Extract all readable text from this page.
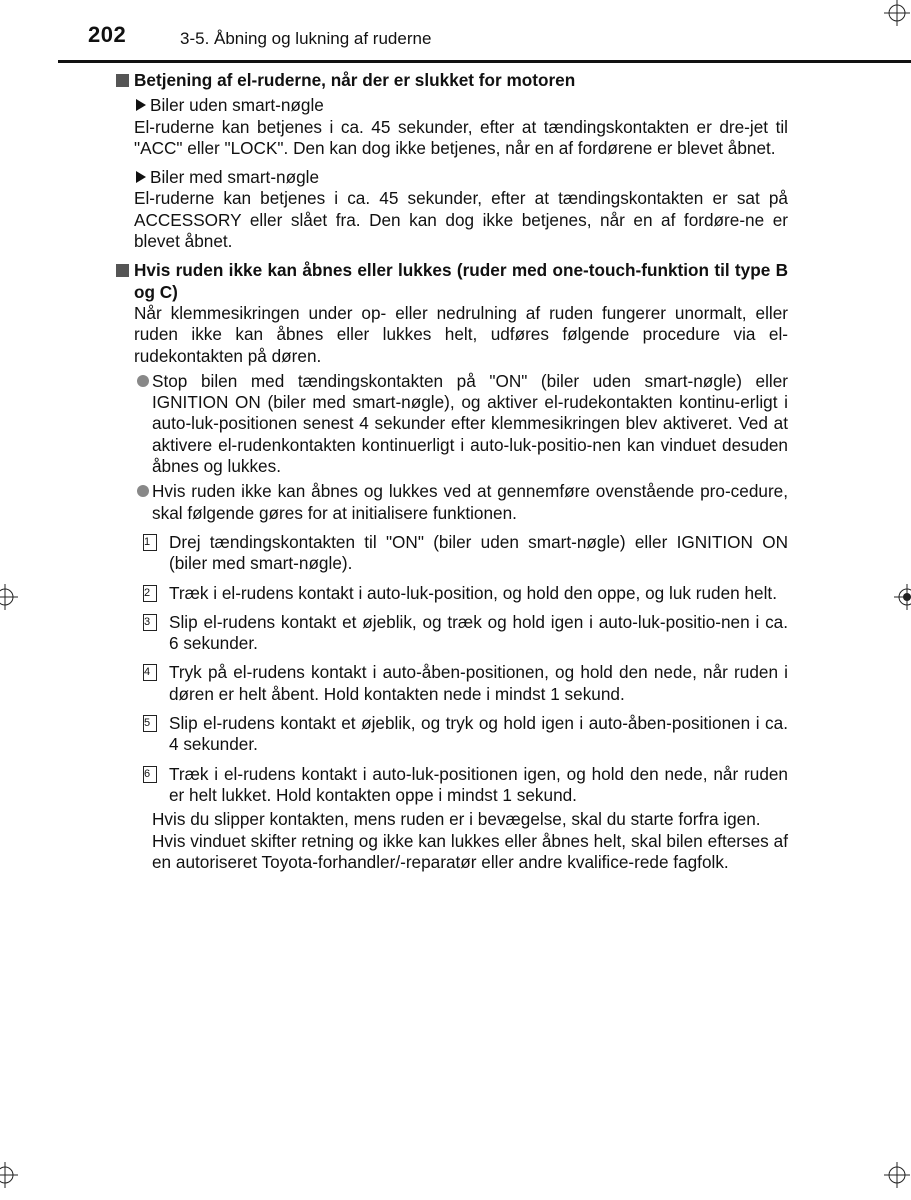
202	3-5. Åbning og lukning af ruderne
Betjening af el-ruderne, når der er slukket for motoren
Biler uden smart-nøgle
El-ruderne kan betjenes i ca. 45 sekunder, efter at tændingskontakten er dre-jet til "ACC" eller "LOCK". Den kan dog ikke betjenes, når en af fordørene er blevet åbnet.
Biler med smart-nøgle
El-ruderne kan betjenes i ca. 45 sekunder, efter at tændingskontakten er sat på ACCESSORY eller slået fra. Den kan dog ikke betjenes, når en af fordøre-ne er blevet åbnet.
Hvis ruden ikke kan åbnes eller lukkes (ruder med one-touch-funktion til type B og C)
Når klemmesikringen under op- eller nedrulning af ruden fungerer unormalt, eller ruden ikke kan åbnes eller lukkes helt, udføres følgende procedure via el-rudekontakten på døren.
Stop bilen med tændingskontakten på "ON" (biler uden smart-nøgle) eller IGNITION ON (biler med smart-nøgle), og aktiver el-rudekontakten kontinu-erligt i auto-luk-positionen senest 4 sekunder efter klemmesikringen blev aktiveret. Ved at aktivere el-rudenkontakten kontinuerligt i auto-luk-positio-nen kan vinduet desuden åbnes og lukkes.
Hvis ruden ikke kan åbnes og lukkes ved at gennemføre ovenstående pro-cedure, skal følgende gøres for at initialisere funktionen.
1	Drej tændingskontakten til "ON" (biler uden smart-nøgle) eller IGNITION ON (biler med smart-nøgle).
2	Træk i el-rudens kontakt i auto-luk-position, og hold den oppe, og luk ruden helt.
3	Slip el-rudens kontakt et øjeblik, og træk og hold igen i auto-luk-positio-nen i ca. 6 sekunder.
4	Tryk på el-rudens kontakt i auto-åben-positionen, og hold den nede, når ruden i døren er helt åbent. Hold kontakten nede i mindst 1 sekund.
5	Slip el-rudens kontakt et øjeblik, og tryk og hold igen i auto-åben-positionen i ca. 4 sekunder.
6	Træk i el-rudens kontakt i auto-luk-positionen igen, og hold den nede, når ruden er helt lukket. Hold kontakten oppe i mindst 1 sekund.
Hvis du slipper kontakten, mens ruden er i bevægelse, skal du starte forfra igen.
Hvis vinduet skifter retning og ikke kan lukkes eller åbnes helt, skal bilen efterses af en autoriseret Toyota-forhandler/-reparatør eller andre kvalifice-rede fagfolk.
